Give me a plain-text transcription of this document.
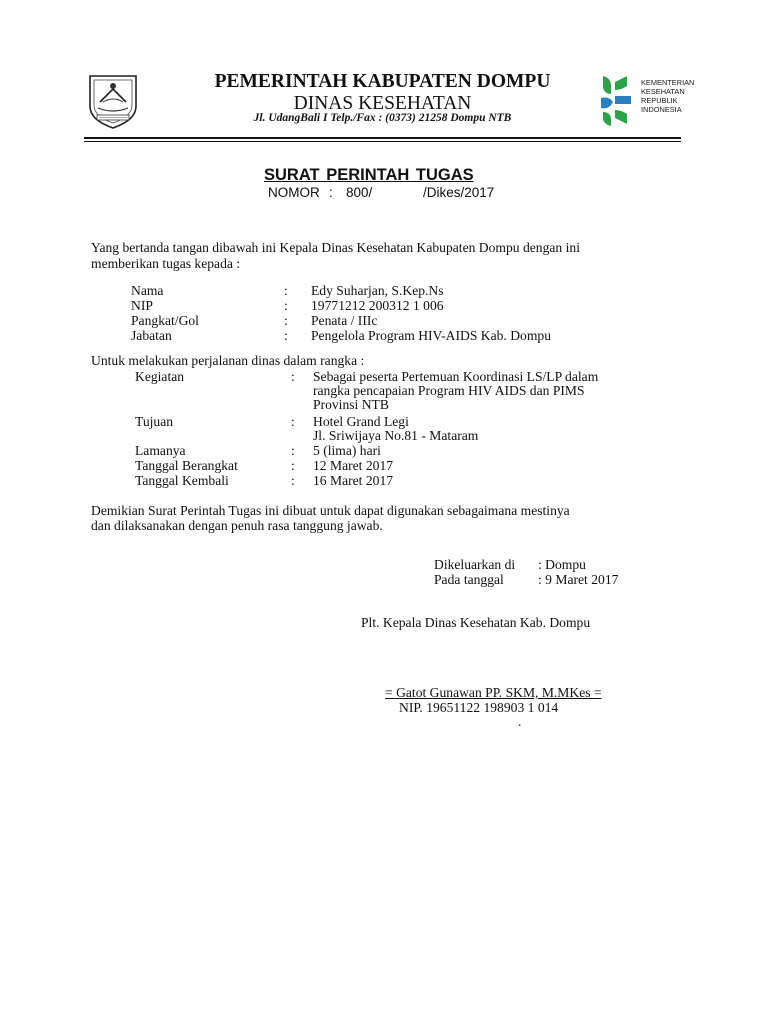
PEMERINTAH KABUPATEN DOMPU
DINAS KESEHATAN
Jl. UdangBali I Telp./Fax : (0373) 21258 Dompu NTB
KEMENTERIAN
KESEHATAN
REPUBLIK
INDONESIA
SURAT PERINTAH TUGAS
NOMOR : 800/	/Dikes/2017
Yang bertanda tangan dibawah ini Kepala Dinas Kesehatan Kabupaten Dompu dengan ini
memberikan tugas kepada :
Nama	: Edy Suharjan, S.Kep.Ns
NIP	: 19771212 200312 1 006
Pangkat/Gol	: Penata / IIIc
Jabatan	: Pengelola Program HIV-AIDS Kab. Dompu
Untuk melakukan perjalanan dinas dalam rangka :
Kegiatan	: Sebagai peserta Pertemuan Koordinasi LS/LP dalam
rangka pencapaian Program HIV AIDS dan PIMS
Provinsi NTB
Tujuan	: Hotel Grand Legi
Jl. Sriwijaya No.81 - Mataram
Lamanya	: 5 (lima) hari
Tanggal Berangkat	: 12 Maret 2017
Tanggal Kembali	: 16 Maret 2017
Demikian Surat Perintah Tugas ini dibuat untuk dapat digunakan sebagaimana mestinya
dan dilaksanakan dengan penuh rasa tanggung jawab.
Dikeluarkan di : Dompu
Pada tanggal	: 9 Maret 2017
Plt. Kepala Dinas Kesehatan Kab. Dompu
= Gatot Gunawan PP. SKM, M.MKes =
NIP. 19651122 198903 1 014
.
